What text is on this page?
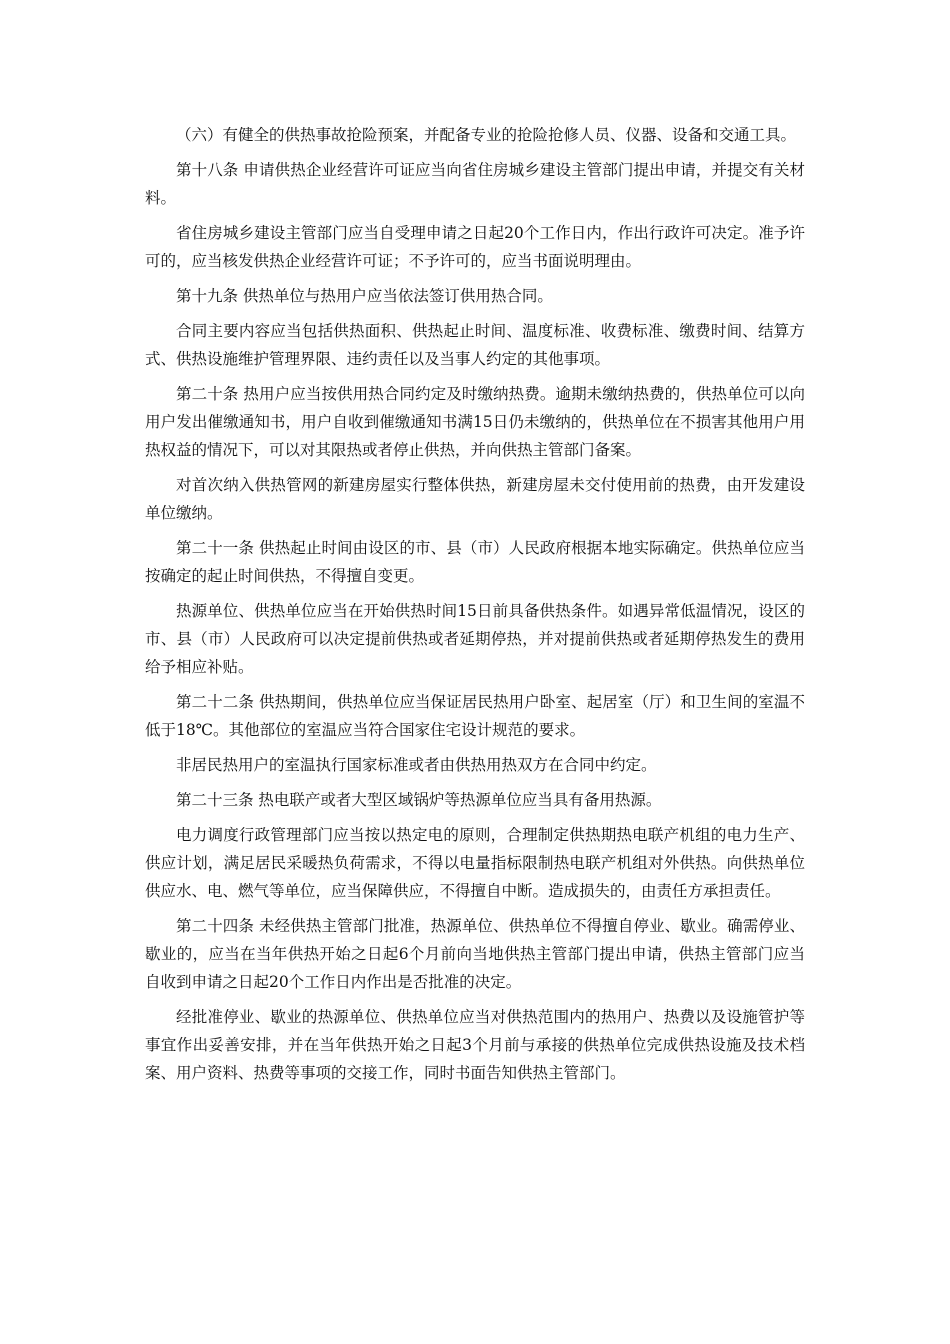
（六）有健全的供热事故抢险预案，并配备专业的抢险抢修人员、仪器、设备和交通工具。

第十八条 申请供热企业经营许可证应当向省住房城乡建设主管部门提出申请，并提交有关材料。

省住房城乡建设主管部门应当自受理申请之日起20个工作日内，作出行政许可决定。准予许可的，应当核发供热企业经营许可证；不予许可的，应当书面说明理由。

第十九条 供热单位与热用户应当依法签订供用热合同。

合同主要内容应当包括供热面积、供热起止时间、温度标准、收费标准、缴费时间、结算方式、供热设施维护管理界限、违约责任以及当事人约定的其他事项。

第二十条 热用户应当按供用热合同约定及时缴纳热费。逾期未缴纳热费的，供热单位可以向用户发出催缴通知书，用户自收到催缴通知书满15日仍未缴纳的，供热单位在不损害其他用户用热权益的情况下，可以对其限热或者停止供热，并向供热主管部门备案。

对首次纳入供热管网的新建房屋实行整体供热，新建房屋未交付使用前的热费，由开发建设单位缴纳。

第二十一条 供热起止时间由设区的市、县（市）人民政府根据本地实际确定。供热单位应当按确定的起止时间供热，不得擅自变更。

热源单位、供热单位应当在开始供热时间15日前具备供热条件。如遇异常低温情况，设区的市、县（市）人民政府可以决定提前供热或者延期停热，并对提前供热或者延期停热发生的费用给予相应补贴。

第二十二条 供热期间，供热单位应当保证居民热用户卧室、起居室（厅）和卫生间的室温不低于18℃。其他部位的室温应当符合国家住宅设计规范的要求。

非居民热用户的室温执行国家标准或者由供热用热双方在合同中约定。

第二十三条 热电联产或者大型区域锅炉等热源单位应当具有备用热源。

电力调度行政管理部门应当按以热定电的原则，合理制定供热期热电联产机组的电力生产、供应计划，满足居民采暖热负荷需求，不得以电量指标限制热电联产机组对外供热。向供热单位供应水、电、燃气等单位，应当保障供应，不得擅自中断。造成损失的，由责任方承担责任。

第二十四条 未经供热主管部门批准，热源单位、供热单位不得擅自停业、歇业。确需停业、歇业的，应当在当年供热开始之日起6个月前向当地供热主管部门提出申请，供热主管部门应当自收到申请之日起20个工作日内作出是否批准的决定。

经批准停业、歇业的热源单位、供热单位应当对供热范围内的热用户、热费以及设施管护等事宜作出妥善安排，并在当年供热开始之日起3个月前与承接的供热单位完成供热设施及技术档案、用户资料、热费等事项的交接工作，同时书面告知供热主管部门。
